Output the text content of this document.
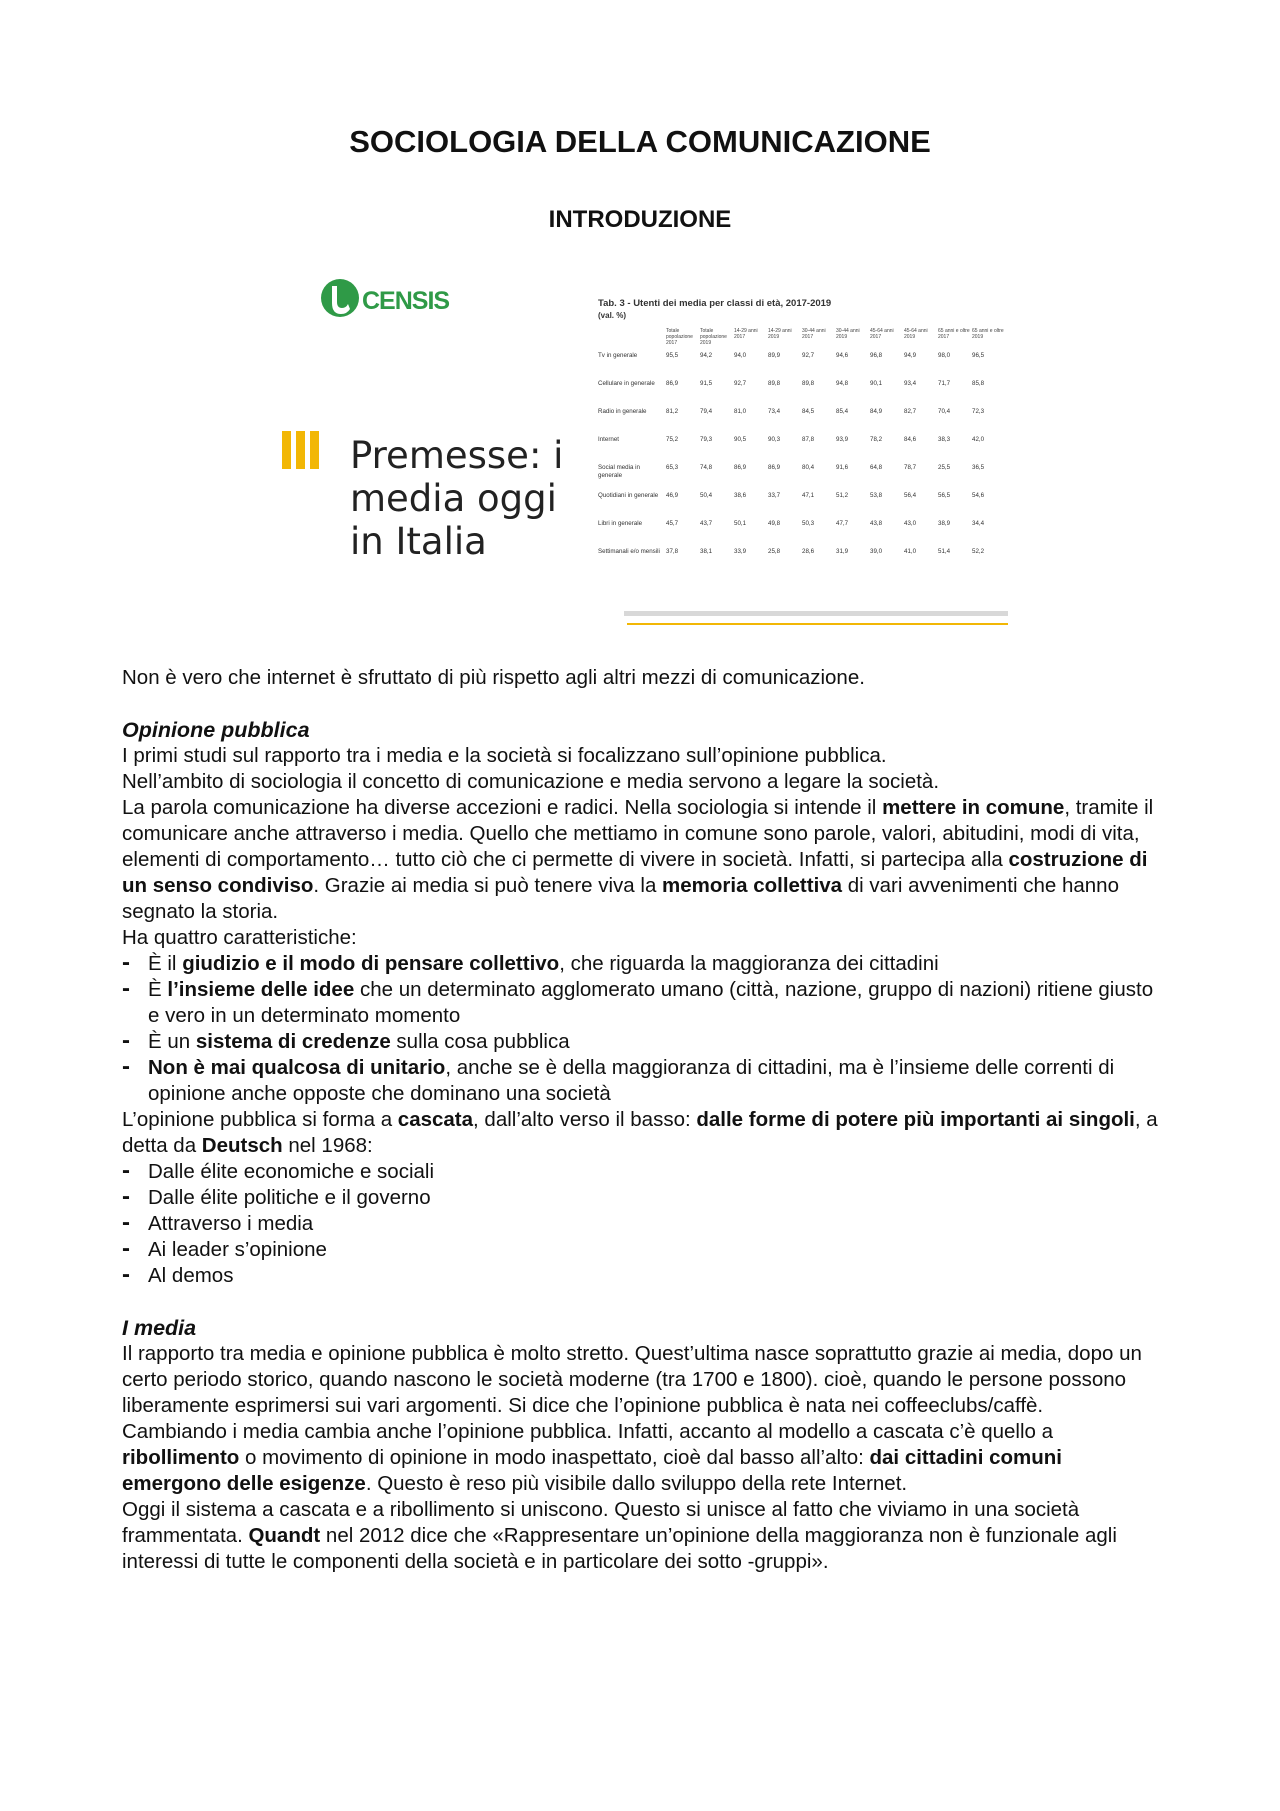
SOCIOLOGIA DELLA COMUNICAZIONE
INTRODUZIONE
CENSIS
Premesse: i media oggi in Italia
Tab. 3 - Utenti dei media per classi di età, 2017-2019
(val. %)
	Totale popolazione 2017	Totale popolazione 2019	14-29 anni 2017	14-29 anni 2019	30-44 anni 2017	30-44 anni 2019	45-64 anni 2017	45-64 anni 2019	65 anni e oltre 2017	65 anni e oltre 2019
Tv in generale	95,5	94,2	94,0	89,9	92,7	94,6	96,8	94,9	98,0	96,5
Cellulare in generale	86,9	91,5	92,7	89,8	89,8	94,8	90,1	93,4	71,7	85,8
Radio in generale	81,2	79,4	81,0	73,4	84,5	85,4	84,9	82,7	70,4	72,3
Internet	75,2	79,3	90,5	90,3	87,8	93,9	78,2	84,6	38,3	42,0
Social media in generale	65,3	74,8	86,9	86,9	80,4	91,6	64,8	78,7	25,5	36,5
Quotidiani in generale	46,9	50,4	38,6	33,7	47,1	51,2	53,8	56,4	56,5	54,6
Libri in generale	45,7	43,7	50,1	49,8	50,3	47,7	43,8	43,0	38,9	34,4
Settimanali e/o mensili	37,8	38,1	33,9	25,8	28,6	31,9	39,0	41,0	51,4	52,2

Non è vero che internet è sfruttato di più rispetto agli altri mezzi di comunicazione.

Opinione pubblica

I primi studi sul rapporto tra i media e la società si focalizzano sull’opinione pubblica.

Nell’ambito di sociologia il concetto di comunicazione e media servono a legare la società.

La parola comunicazione ha diverse accezioni e radici. Nella sociologia si intende il mettere in comune, tramite il comunicare anche attraverso i media. Quello che mettiamo in comune sono parole, valori, abitudini, modi di vita, elementi di comportamento… tutto ciò che ci permette di vivere in società. Infatti, si partecipa alla costruzione di un senso condiviso. Grazie ai media si può tenere viva la memoria collettiva di vari avvenimenti che hanno segnato la storia.

Ha quattro caratteristiche:

- È il giudizio e il modo di pensare collettivo, che riguarda la maggioranza dei cittadini
- È l’insieme delle idee che un determinato agglomerato umano (città, nazione, gruppo di nazioni) ritiene giusto e vero in un determinato momento
- È un sistema di credenze sulla cosa pubblica
- Non è mai qualcosa di unitario, anche se è della maggioranza di cittadini, ma è l’insieme delle correnti di opinione anche opposte che dominano una società

L’opinione pubblica si forma a cascata, dall’alto verso il basso: dalle forme di potere più importanti ai singoli, a detta da Deutsch nel 1968:

- Dalle élite economiche e sociali
- Dalle élite politiche e il governo
- Attraverso i media
- Ai leader s’opinione
- Al demos
I media

Il rapporto tra media e opinione pubblica è molto stretto. Quest’ultima nasce soprattutto grazie ai media, dopo un certo periodo storico, quando nascono le società moderne (tra 1700 e 1800). cioè, quando le persone possono liberamente esprimersi sui vari argomenti. Si dice che l’opinione pubblica è nata nei coffeeclubs/caffè.

Cambiando i media cambia anche l’opinione pubblica. Infatti, accanto al modello a cascata c’è quello a ribollimento o movimento di opinione in modo inaspettato, cioè dal basso all’alto: dai cittadini comuni emergono delle esigenze. Questo è reso più visibile dallo sviluppo della rete Internet.

Oggi il sistema a cascata e a ribollimento si uniscono. Questo si unisce al fatto che viviamo in una società frammentata. Quandt nel 2012 dice che «Rappresentare un’opinione della maggioranza non è funzionale agli interessi di tutte le componenti della società e in particolare dei sotto -gruppi».
